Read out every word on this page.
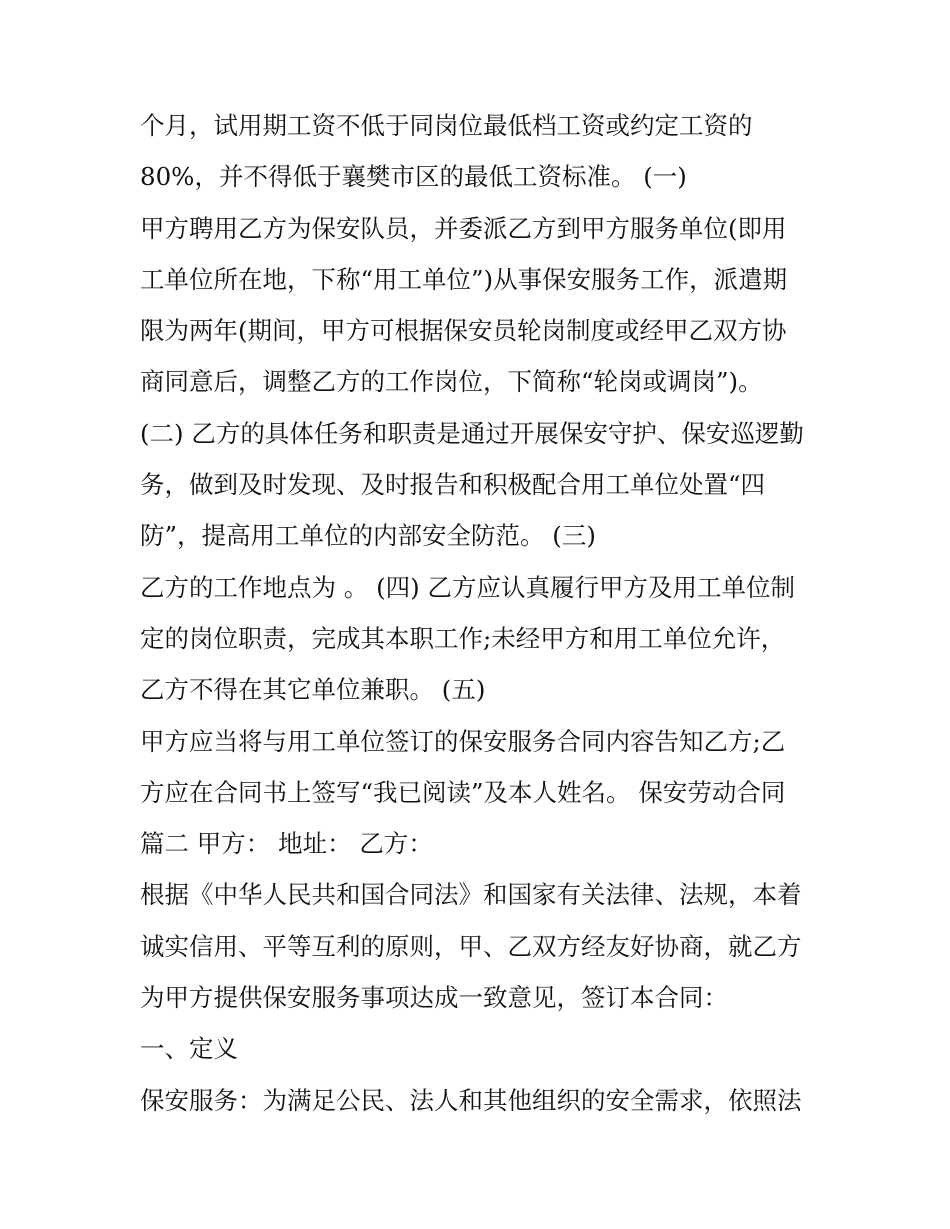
个月，试用期工资不低于同岗位最低档工资或约定工资的
80%，并不得低于襄樊市区的最低工资标准。 (一)
甲方聘用乙方为保安队员，并委派乙方到甲方服务单位(即用
工单位所在地，下称“用工单位”)从事保安服务工作，派遣期
限为两年(期间，甲方可根据保安员轮岗制度或经甲乙双方协
商同意后，调整乙方的工作岗位，下简称“轮岗或调岗”)。
(二) 乙方的具体任务和职责是通过开展保安守护、保安巡逻勤
务，做到及时发现、及时报告和积极配合用工单位处置“四
防”，提高用工单位的内部安全防范。 (三)
乙方的工作地点为 。 (四) 乙方应认真履行甲方及用工单位制
定的岗位职责，完成其本职工作;未经甲方和用工单位允许，
乙方不得在其它单位兼职。 (五)
甲方应当将与用工单位签订的保安服务合同内容告知乙方;乙
方应在合同书上签写“我已阅读”及本人姓名。 保安劳动合同
篇二 甲方： 地址： 乙方：
根据《中华人民共和国合同法》和国家有关法律、法规，本着
诚实信用、平等互利的原则，甲、乙双方经友好协商，就乙方
为甲方提供保安服务事项达成一致意见，签订本合同：
一、定义
保安服务：为满足公民、法人和其他组织的安全需求，依照法
